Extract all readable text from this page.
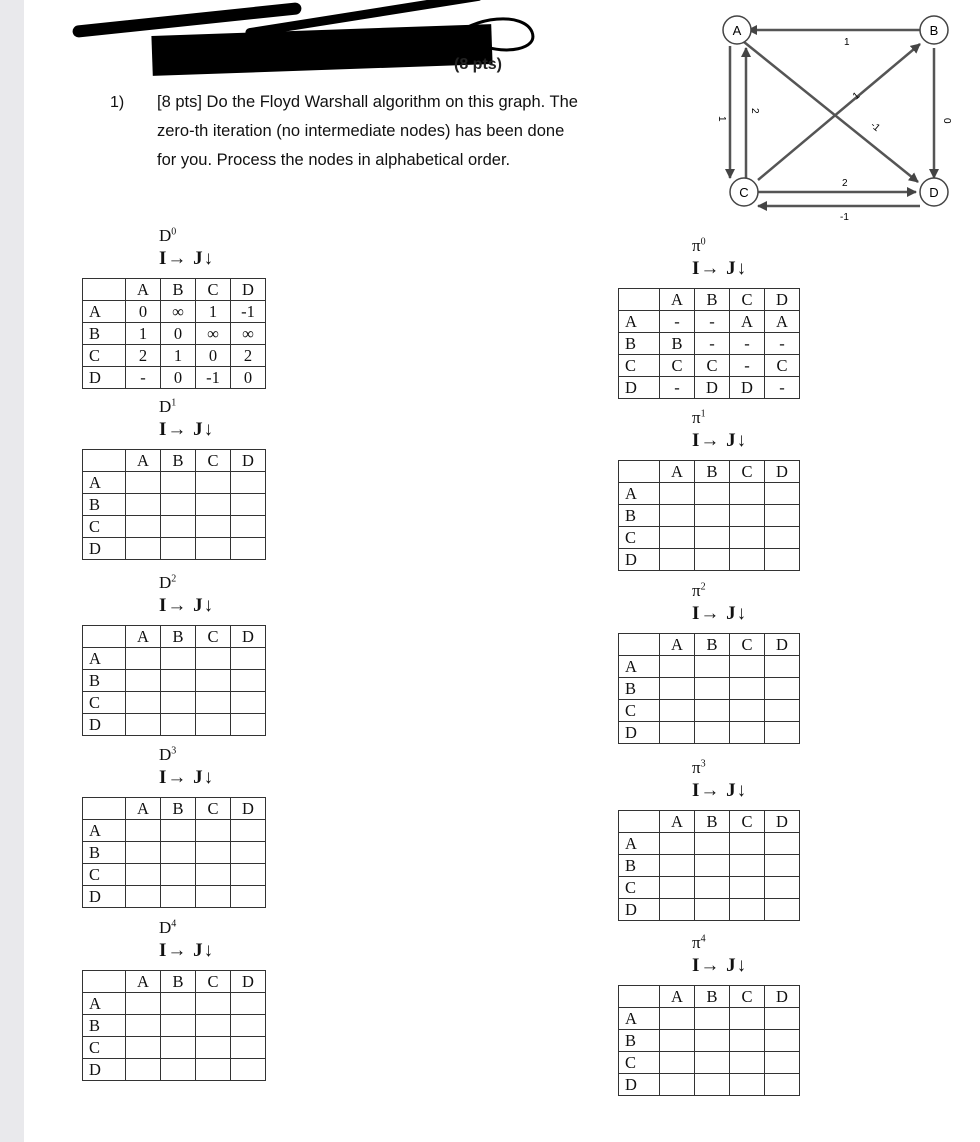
(8 pts)
1) [8 pts] Do the Floyd Warshall algorithm on this graph. The zero-th iteration (no intermediate nodes) has been done for you. Process the nodes in alphabetical order.
A	B
C	D
1
1
2
0
2
-1
1
-1
$D^0$
I→ J↓
	A	B	C	D
A	0	∞	1	-1
B	1	0	∞	∞
C	2	1	0	2
D	-	0	-1	0
$D^1$
I→ J↓
	A	B	C	D
A				
B				
C				
D				
$D^2$
I→ J↓
	A	B	C	D
A				
B				
C				
D				
$D^3$
I→ J↓
	A	B	C	D
A				
B				
C				
D				
$D^4$
I→ J↓
	A	B	C	D
A				
B				
C				
D				
$\pi^0$
I→ J↓
	A	B	C	D
A	-	-	A	A
B	B	-	-	-
C	C	C	-	C
D	-	D	D	-
$\pi^1$
I→ J↓
	A	B	C	D
A				
B				
C				
D				
$\pi^2$
I→ J↓
	A	B	C	D
A				
B				
C				
D				
$\pi^3$
I→ J↓
	A	B	C	D
A				
B				
C				
D				
$\pi^4$
I→ J↓
	A	B	C	D
A				
B				
C				
D				
